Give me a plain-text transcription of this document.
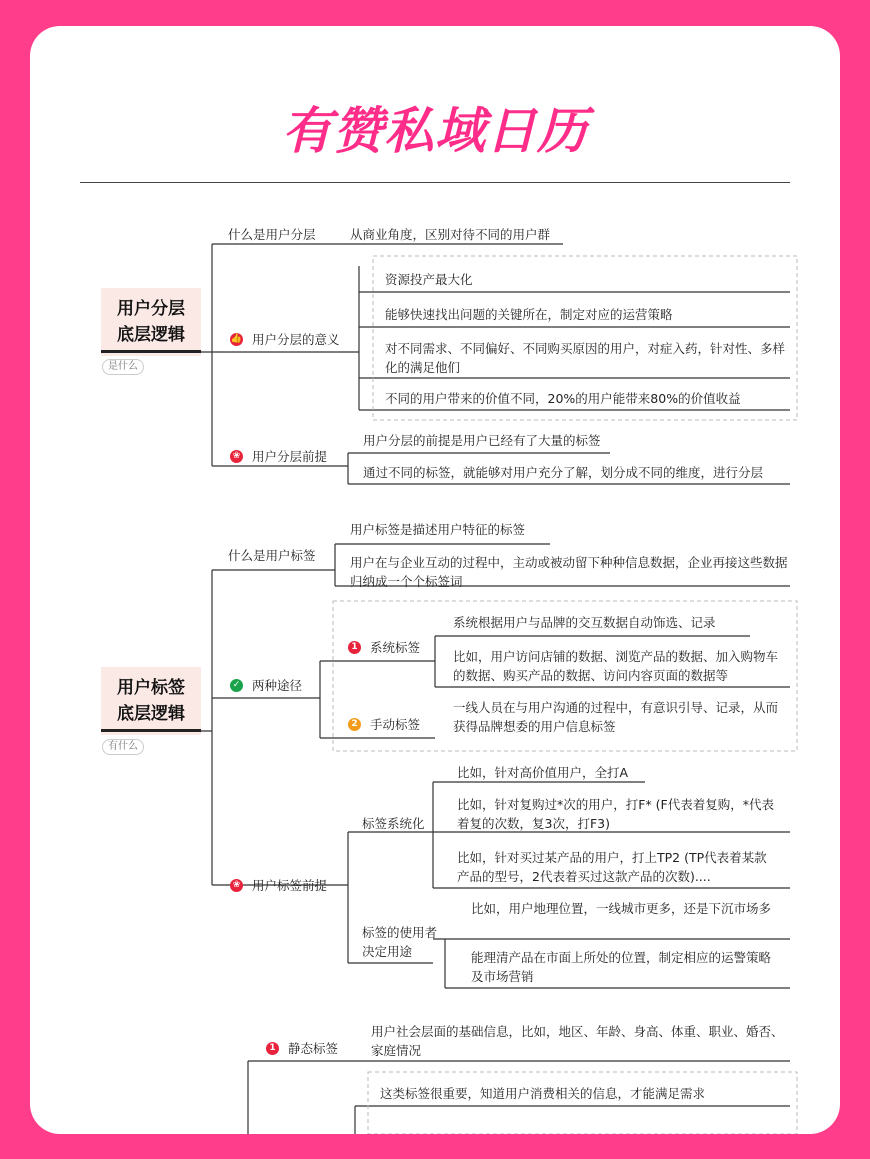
有赞私域日历
用户分层
底层逻辑
是什么
什么是用户分层	从商业角度，区别对待不同的用户群
👍 用户分层的意义
资源投产最大化
能够快速找出问题的关键所在，制定对应的运营策略
对不同需求、不同偏好、不同购买原因的用户，对症入药，针对性、多样化的满足他们
不同的用户带来的价值不同，20%的用户能带来80%的价值收益
❀ 用户分层前提
用户分层的前提是用户已经有了大量的标签
通过不同的标签，就能够对用户充分了解，划分成不同的维度，进行分层
用户标签
底层逻辑
有什么
什么是用户标签
用户标签是描述用户特征的标签
用户在与企业互动的过程中，主动或被动留下种种信息数据，企业再接这些数据归纳成一个个标签词
✓ 两种途径
1 系统标签
系统根据用户与品牌的交互数据自动饰选、记录
比如，用户访问店铺的数据、浏览产品的数据、加入购物车的数据、购买产品的数据、访问内容页面的数据等
2 手动标签
一线人员在与用户沟通的过程中，有意识引导、记录，从而获得品牌想委的用户信息标签
❀ 用户标签前提
标签系统化
比如，针对高价值用户，全打A
比如，针对复购过*次的用户，打F* (F代表着复购，*代表着复的次数，复3次，打F3)
比如，针对买过某产品的用户，打上TP2 (TP代表着某款产品的型号，2代表着买过这款产品的次数)....
标签的使用者决定用途
比如，用户地理位置，一线城市更多，还是下沉市场多
能理清产品在市面上所处的位置，制定相应的运警策略及市场营销
1 静态标签
用户社会层面的基础信息，比如，地区、年龄、身高、体重、职业、婚否、家庭情况
这类标签很重要，知道用户消费相关的信息，才能满足需求
